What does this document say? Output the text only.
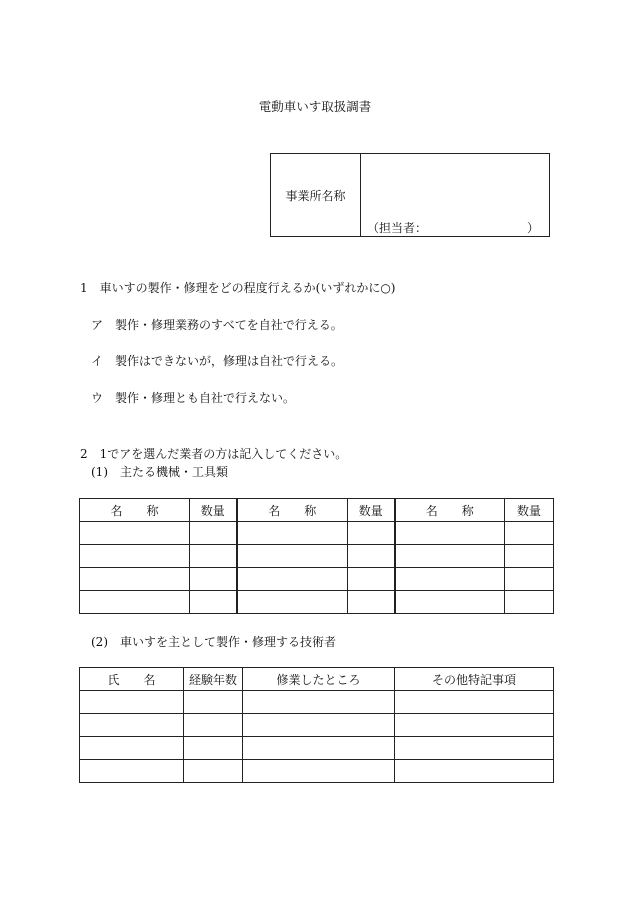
電動車いす取扱調書
事業所名称
（担当者：	）
1　車いすの製作・修理をどの程度行えるか(いずれかに○)
ア　製作・修理業務のすべてを自社で行える。
イ　製作はできないが，修理は自社で行える。
ウ　製作・修理とも自社で行えない。
2　1でアを選んだ業者の方は記入してください。
(1)　主たる機械・工具類
名　　称	数量	名　　称	数量	名　　称	数量

(2)　車いすを主として製作・修理する技術者
氏　　名	経験年数	修業したところ	その他特記事項
